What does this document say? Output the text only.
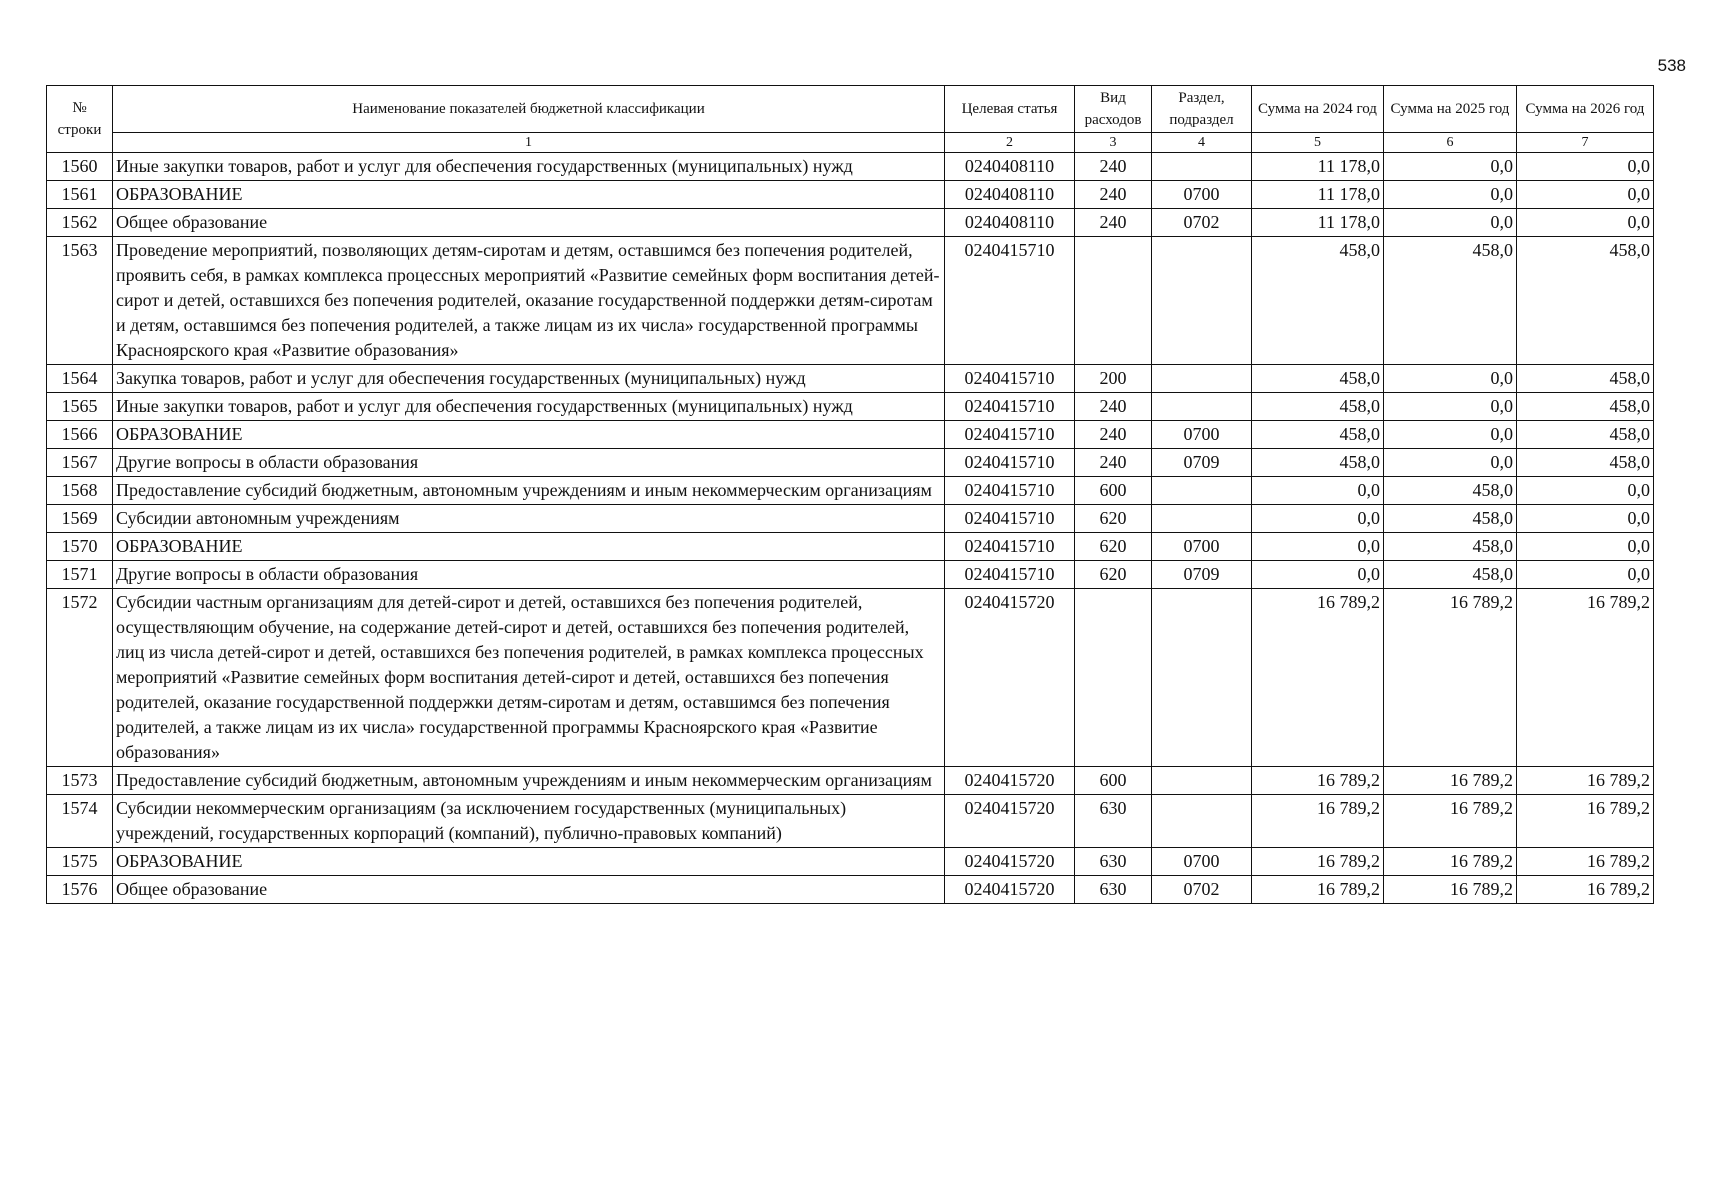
538
№ строки	Наименование показателей бюджетной классификации	Целевая статья	Вид расходов	Раздел, подраздел	Сумма на 2024 год	Сумма на 2025 год	Сумма на 2026 год
	1	2	3	4	5	6	7
1560	Иные закупки товаров, работ и услуг для обеспечения государственных (муниципальных) нужд	0240408110	240		11 178,0	0,0	0,0
1561	ОБРАЗОВАНИЕ	0240408110	240	0700	11 178,0	0,0	0,0
1562	Общее образование	0240408110	240	0702	11 178,0	0,0	0,0
1563	Проведение мероприятий, позволяющих детям-сиротам и детям, оставшимся без попечения родителей, проявить себя, в рамках комплекса процессных мероприятий «Развитие семейных форм воспитания детей-сирот и детей, оставшихся без попечения родителей, оказание государственной поддержки детям-сиротам и детям, оставшимся без попечения родителей, а также лицам из их числа» государственной программы Красноярского края «Развитие образования»	0240415710			458,0	458,0	458,0
1564	Закупка товаров, работ и услуг для обеспечения государственных (муниципальных) нужд	0240415710	200		458,0	0,0	458,0
1565	Иные закупки товаров, работ и услуг для обеспечения государственных (муниципальных) нужд	0240415710	240		458,0	0,0	458,0
1566	ОБРАЗОВАНИЕ	0240415710	240	0700	458,0	0,0	458,0
1567	Другие вопросы в области образования	0240415710	240	0709	458,0	0,0	458,0
1568	Предоставление субсидий бюджетным, автономным учреждениям и иным некоммерческим организациям	0240415710	600		0,0	458,0	0,0
1569	Субсидии автономным учреждениям	0240415710	620		0,0	458,0	0,0
1570	ОБРАЗОВАНИЕ	0240415710	620	0700	0,0	458,0	0,0
1571	Другие вопросы в области образования	0240415710	620	0709	0,0	458,0	0,0
1572	Субсидии частным организациям для детей-сирот и детей, оставшихся без попечения родителей, осуществляющим обучение, на содержание детей-сирот и детей, оставшихся без попечения родителей, лиц из числа детей-сирот и детей, оставшихся без попечения родителей, в рамках комплекса процессных мероприятий «Развитие семейных форм воспитания детей-сирот и детей, оставшихся без попечения родителей, оказание государственной поддержки детям-сиротам и детям, оставшимся без попечения родителей, а также лицам из их числа» государственной программы Красноярского края «Развитие образования»	0240415720			16 789,2	16 789,2	16 789,2
1573	Предоставление субсидий бюджетным, автономным учреждениям и иным некоммерческим организациям	0240415720	600		16 789,2	16 789,2	16 789,2
1574	Субсидии некоммерческим организациям (за исключением государственных (муниципальных) учреждений, государственных корпораций (компаний), публично-правовых компаний)	0240415720	630		16 789,2	16 789,2	16 789,2
1575	ОБРАЗОВАНИЕ	0240415720	630	0700	16 789,2	16 789,2	16 789,2
1576	Общее образование	0240415720	630	0702	16 789,2	16 789,2	16 789,2
